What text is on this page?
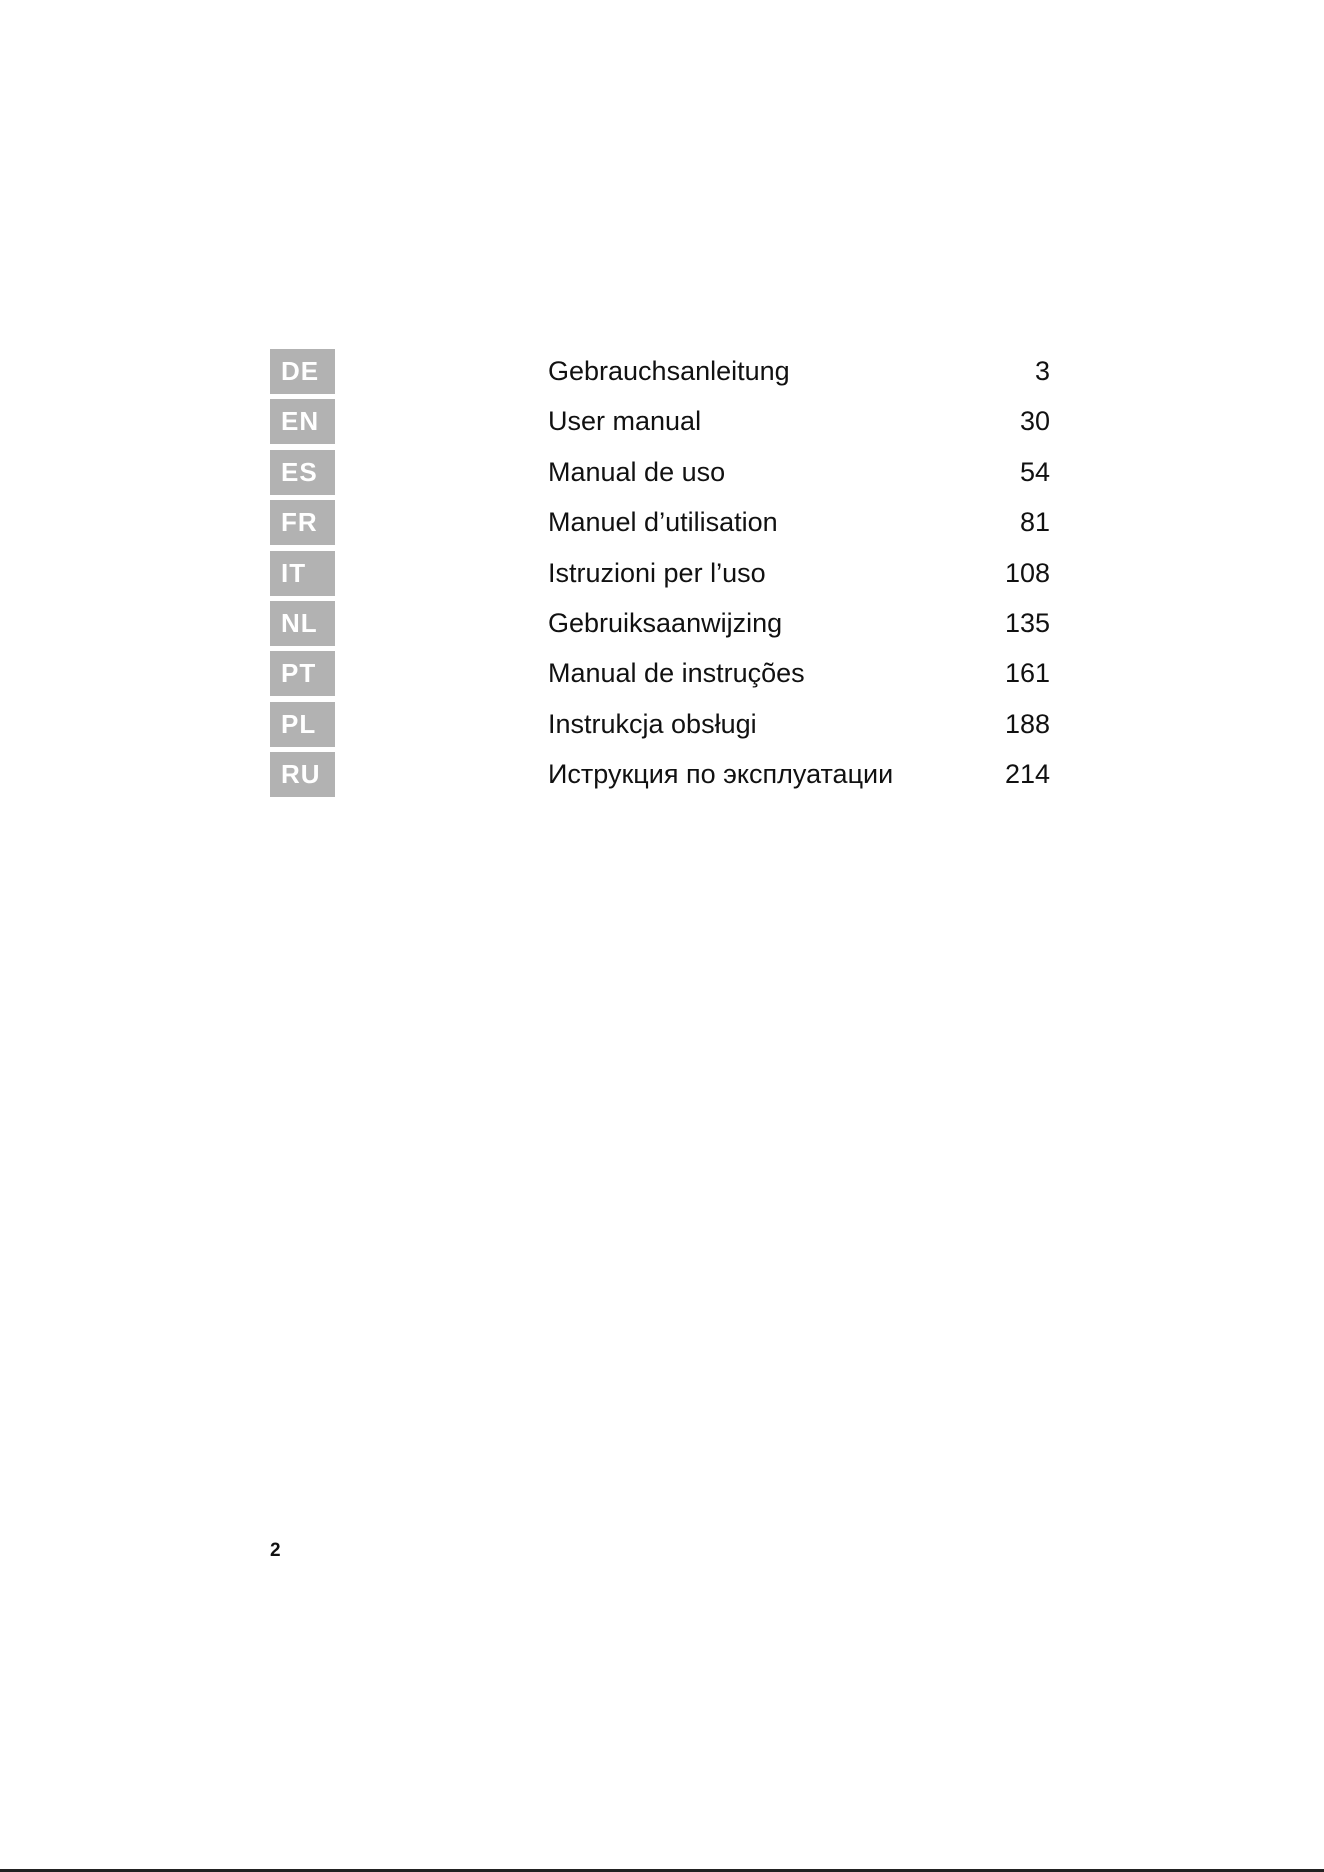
DE	Gebrauchsanleitung	3
EN	User manual	30
ES	Manual de uso	54
FR	Manuel d’utilisation	81
IT	Istruzioni per l’uso	108
NL	Gebruiksaanwijzing	135
PT	Manual de instruções	161
PL	Instrukcja obsługi	188
RU	Иструкция по эксплуатации	214
2
